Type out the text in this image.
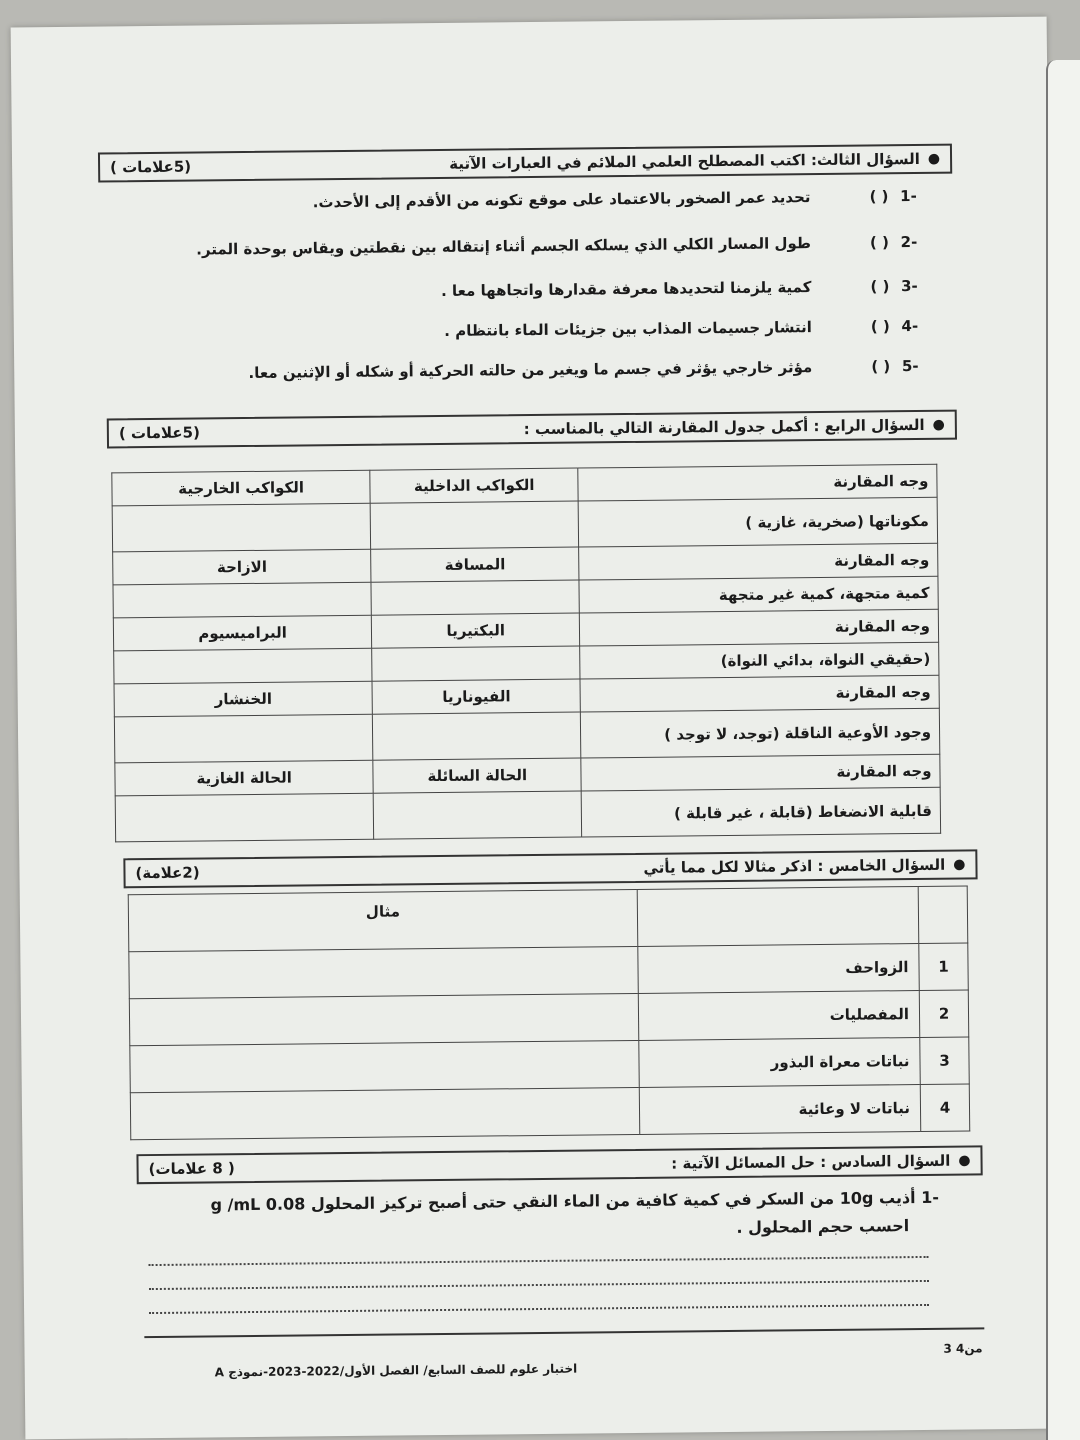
●
السؤال الثالث: اكتب المصطلح العلمي الملائم في العبارات الآتية
(5علامات )
-1
( )
تحديد عمر الصخور بالاعتماد على موقع تكونه من الأقدم إلى الأحدث.
-2
( )
طول المسار الكلي الذي يسلكه الجسم أثناء إنتقاله بين نقطتين ويقاس بوحدة المتر.
-3
( )
كمية يلزمنا لتحديدها معرفة مقدارها واتجاهها معا .
-4
( )
انتشار جسيمات المذاب بين جزيئات الماء بانتظام .
-5
( )
مؤثر خارجي يؤثر في جسم ما ويغير من حالته الحركية أو شكله أو الإثنين معا.
●
السؤال الرابع : أكمل جدول المقارنة التالي بالمناسب :
(5علامات )
وجه المقارنة	الكواكب الداخلية	الكواكب الخارجية
مكوناتها (صخرية، غازية )		
وجه المقارنة	المسافة	الازاحة
كمية متجهة، كمية غير متجهة		
وجه المقارنة	البكتيريا	البراميسيوم
(حقيقي النواة، بدائي النواة)		
وجه المقارنة	الفيوناريا	الخنشار
وجود الأوعية الناقلة (توجد، لا توجد )		
وجه المقارنة	الحالة السائلة	الحالة الغازية
قابلية الانضغاط (قابلة ، غير قابلة )		
●
السؤال الخامس : اذكر مثالا لكل مما يأتي
(2علامة)
		مثال
1	الزواحف	
2	المفصليات	
3	نباتات معراة البذور	
4	نباتات لا وعائية	
●
السؤال السادس : حل المسائل الآتية :
( 8 علامات)
-1 أذيب 10g من السكر في كمية كافية من الماء النقي حتى أصبح تركيز المحلول 0.08 g /mL
احسب حجم المحلول .
3 من4
اختبار علوم للصف السابع/ الفصل الأول/2022-2023-نموذج A
